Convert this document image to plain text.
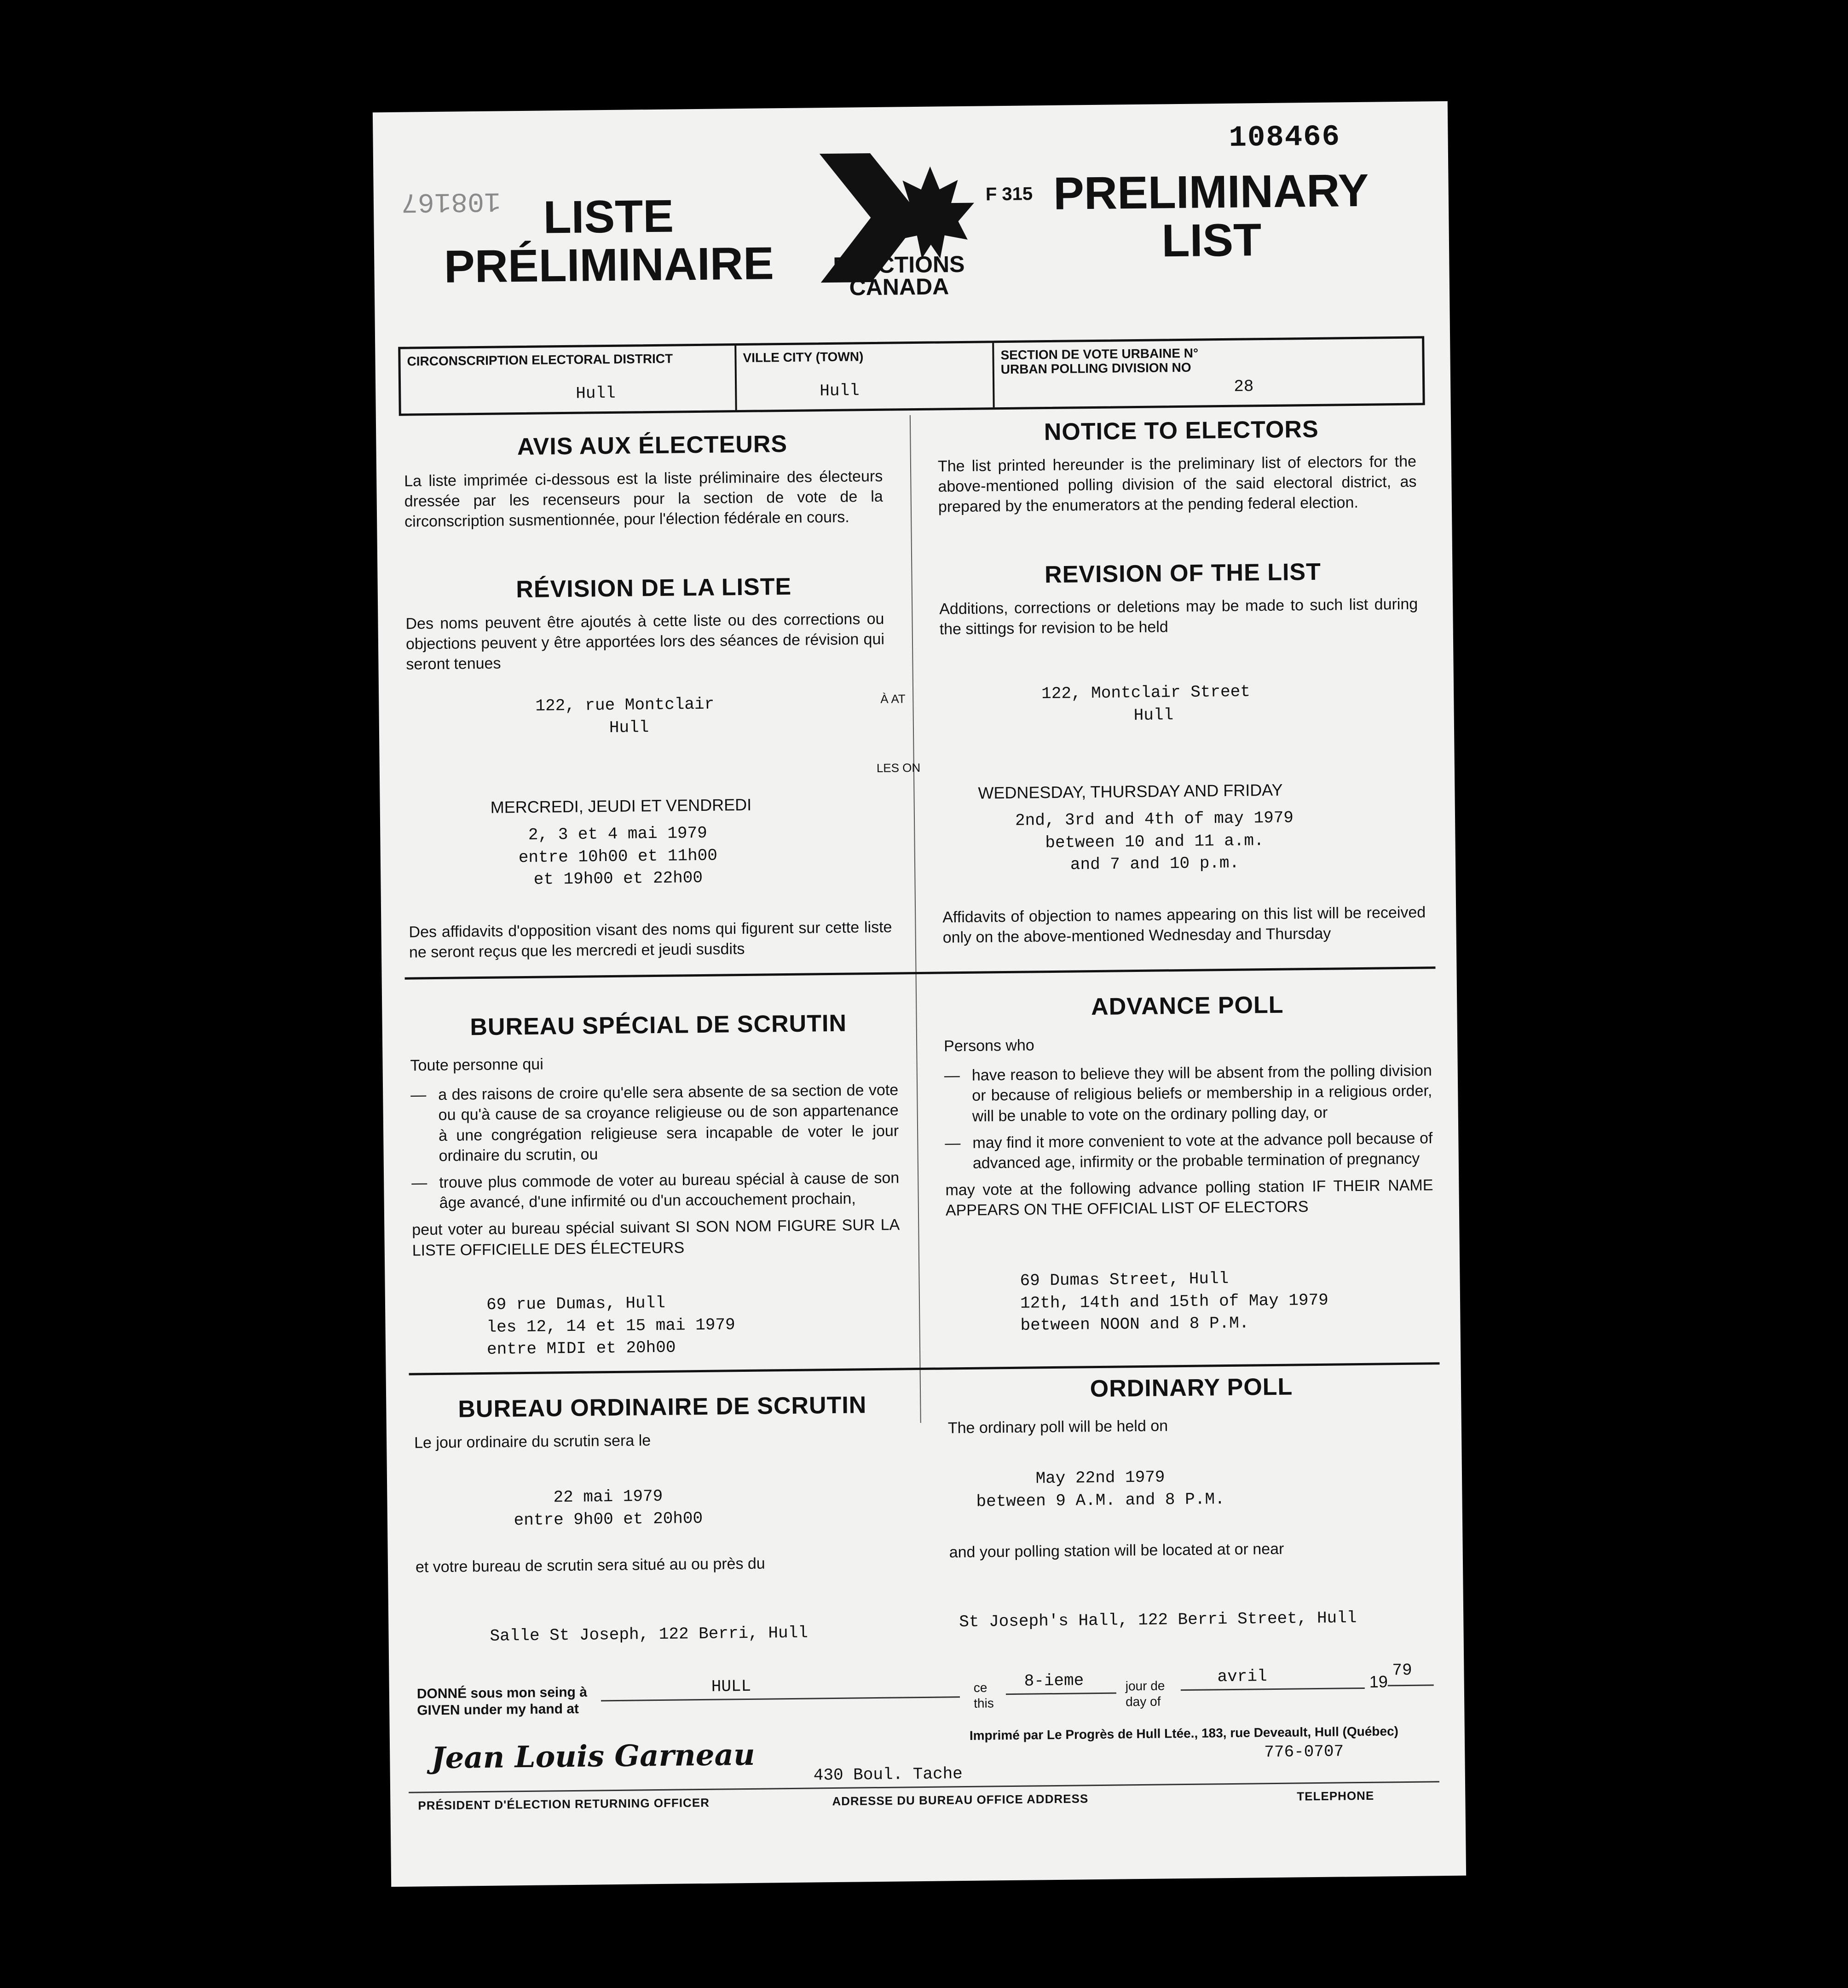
108466
108167 LISTE
PRÉLIMINAIRE	ELECTIONS
CANADA
F 315 PRELIMINARY
LIST
CIRCONSCRIPTION ELECTORAL DISTRICT
Hull
VILLE CITY (TOWN)
Hull
SECTION DE VOTE URBAINE N°
URBAN POLLING DIVISION NO
28
AVIS AUX ÉLECTEURS
La liste imprimée ci-dessous est la liste préliminaire des électeurs dressée par les recenseurs pour la section de vote de la circonscription susmentionnée, pour l'élection fédérale en cours.
NOTICE TO ELECTORS
The list printed hereunder is the preliminary list of electors for the above-mentioned polling division of the said electoral district, as prepared by the enumerators at the pending federal election.
RÉVISION DE LA LISTE
Des noms peuvent être ajoutés à cette liste ou des corrections ou objections peuvent y être apportées lors des séances de révision qui seront tenues
REVISION OF THE LIST
Additions, corrections or deletions may be made to such list during the sittings for revision to be held
122, rue Montclair
Hull
À AT	122, Montclair Street
Hull
LES ON
MERCREDI, JEUDI ET VENDREDI
2, 3 et 4 mai 1979
entre 10h00 et 11h00
et 19h00 et 22h00
WEDNESDAY, THURSDAY AND FRIDAY
2nd, 3rd and 4th of may 1979
between 10 and 11 a.m.
and 7 and 10 p.m.
Des affidavits d'opposition visant des noms qui figurent sur cette liste ne seront reçus que les mercredi et jeudi susdits
Affidavits of objection to names appearing on this list will be received only on the above-mentioned Wednesday and Thursday
BUREAU SPÉCIAL DE SCRUTIN
Toute personne qui
— a des raisons de croire qu'elle sera absente de sa section de vote ou qu'à cause de sa croyance religieuse ou de son appartenance à une congrégation religieuse sera incapable de voter le jour ordinaire du scrutin, ou
— trouve plus commode de voter au bureau spécial à cause de son âge avancé, d'une infirmité ou d'un accouchement prochain,
peut voter au bureau spécial suivant SI SON NOM FIGURE SUR LA LISTE OFFICIELLE DES ÉLECTEURS
69 rue Dumas, Hull
les 12, 14 et 15 mai 1979
entre MIDI et 20h00
ADVANCE POLL
Persons who
— have reason to believe they will be absent from the polling division or because of religious beliefs or membership in a religious order, will be unable to vote on the ordinary polling day, or
— may find it more convenient to vote at the advance poll because of advanced age, infirmity or the probable termination of pregnancy
may vote at the following advance polling station IF THEIR NAME APPEARS ON THE OFFICIAL LIST OF ELECTORS
69 Dumas Street, Hull
12th, 14th and 15th of May 1979
between NOON and 8 P.M.
BUREAU ORDINAIRE DE SCRUTIN
Le jour ordinaire du scrutin sera le
22 mai 1979
entre 9h00 et 20h00
et votre bureau de scrutin sera situé au ou près du
Salle St Joseph, 122 Berri, Hull
ORDINARY POLL
The ordinary poll will be held on
May 22nd 1979
between 9 A.M. and 8 P.M.
and your polling station will be located at or near
St Joseph's Hall, 122 Berri Street, Hull
DONNÉ sous mon seing à
GIVEN under my hand at
HULL	ce
this
8-ieme	jour de
day of
avril	19
79
Imprimé par Le Progrès de Hull Ltée., 183, rue Deveault, Hull (Québec)
Jean Louis Garneau	430 Boul. Tache
776-0707
PRÉSIDENT D'ÉLECTION RETURNING OFFICER	ADRESSE DU BUREAU OFFICE ADDRESS	TELEPHONE
